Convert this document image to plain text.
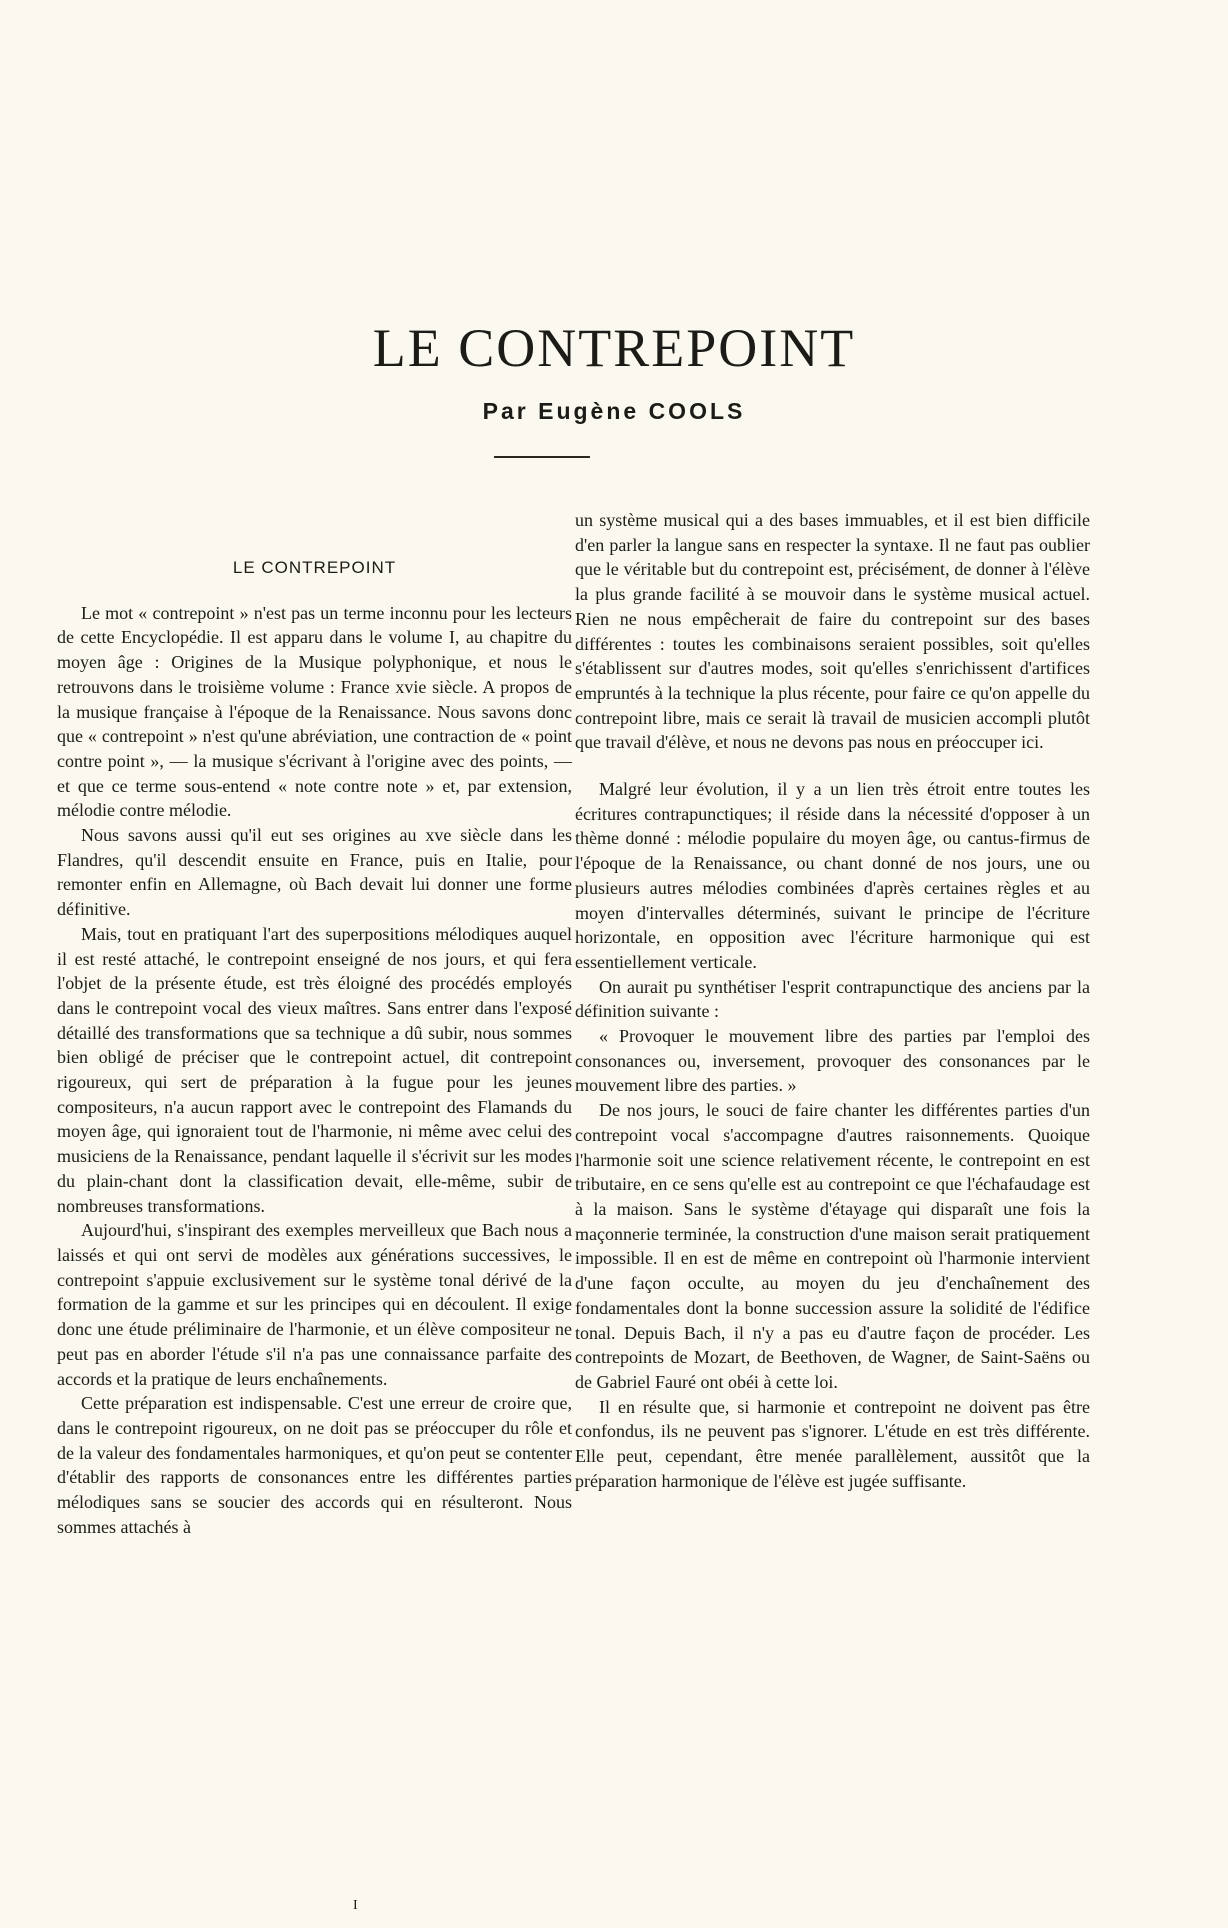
LE CONTREPOINT

Par Eugène COOLS

LE CONTREPOINT

Le mot « contrepoint » n'est pas un terme inconnu pour les lecteurs de cette Encyclopédie. Il est apparu dans le volume I, au chapitre du moyen âge : Origines de la Musique polyphonique, et nous le retrouvons dans le troisième volume : France xvie siècle. A propos de la musique française à l'époque de la Renaissance. Nous savons donc que « contrepoint » n'est qu'une abréviation, une contraction de « point contre point », — la musique s'écrivant à l'origine avec des points, — et que ce terme sous-entend « note contre note » et, par extension, mélodie contre mélodie.

Nous savons aussi qu'il eut ses origines au xve siècle dans les Flandres, qu'il descendit ensuite en France, puis en Italie, pour remonter enfin en Allemagne, où Bach devait lui donner une forme définitive.

Mais, tout en pratiquant l'art des superpositions mélodiques auquel il est resté attaché, le contrepoint enseigné de nos jours, et qui fera l'objet de la présente étude, est très éloigné des procédés employés dans le contrepoint vocal des vieux maîtres. Sans entrer dans l'exposé détaillé des transformations que sa technique a dû subir, nous sommes bien obligé de préciser que le contrepoint actuel, dit contrepoint rigoureux, qui sert de préparation à la fugue pour les jeunes compositeurs, n'a aucun rapport avec le contrepoint des Flamands du moyen âge, qui ignoraient tout de l'harmonie, ni même avec celui des musiciens de la Renaissance, pendant laquelle il s'écrivit sur les modes du plain-chant dont la classification devait, elle-même, subir de nombreuses transformations.

Aujourd'hui, s'inspirant des exemples merveilleux que Bach nous a laissés et qui ont servi de modèles aux générations successives, le contrepoint s'appuie exclusivement sur le système tonal dérivé de la formation de la gamme et sur les principes qui en découlent. Il exige donc une étude préliminaire de l'harmonie, et un élève compositeur ne peut pas en aborder l'étude s'il n'a pas une connaissance parfaite des accords et la pratique de leurs enchaînements.

Cette préparation est indispensable. C'est une erreur de croire que, dans le contrepoint rigoureux, on ne doit pas se préoccuper du rôle et de la valeur des fondamentales harmoniques, et qu'on peut se contenter d'établir des rapports de consonances entre les différentes parties mélodiques sans se soucier des accords qui en résulteront. Nous sommes attachés à

un système musical qui a des bases immuables, et il est bien difficile d'en parler la langue sans en respecter la syntaxe. Il ne faut pas oublier que le véritable but du contrepoint est, précisément, de donner à l'élève la plus grande facilité à se mouvoir dans le système musical actuel. Rien ne nous empêcherait de faire du contrepoint sur des bases différentes : toutes les combinaisons seraient possibles, soit qu'elles s'établissent sur d'autres modes, soit qu'elles s'enrichissent d'artifices empruntés à la technique la plus récente, pour faire ce qu'on appelle du contrepoint libre, mais ce serait là travail de musicien accompli plutôt que travail d'élève, et nous ne devons pas nous en préoccuper ici.

Malgré leur évolution, il y a un lien très étroit entre toutes les écritures contrapunctiques; il réside dans la nécessité d'opposer à un thème donné : mélodie populaire du moyen âge, ou cantus-firmus de l'époque de la Renaissance, ou chant donné de nos jours, une ou plusieurs autres mélodies combinées d'après certaines règles et au moyen d'intervalles déterminés, suivant le principe de l'écriture horizontale, en opposition avec l'écriture harmonique qui est essentiellement verticale.

On aurait pu synthétiser l'esprit contrapunctique des anciens par la définition suivante :

« Provoquer le mouvement libre des parties par l'emploi des consonances ou, inversement, provoquer des consonances par le mouvement libre des parties. »

De nos jours, le souci de faire chanter les différentes parties d'un contrepoint vocal s'accompagne d'autres raisonnements. Quoique l'harmonie soit une science relativement récente, le contrepoint en est tributaire, en ce sens qu'elle est au contrepoint ce que l'échafaudage est à la maison. Sans le système d'étayage qui disparaît une fois la maçonnerie terminée, la construction d'une maison serait pratiquement impossible. Il en est de même en contrepoint où l'harmonie intervient d'une façon occulte, au moyen du jeu d'enchaînement des fondamentales dont la bonne succession assure la solidité de l'édifice tonal. Depuis Bach, il n'y a pas eu d'autre façon de procéder. Les contrepoints de Mozart, de Beethoven, de Wagner, de Saint-Saëns ou de Gabriel Fauré ont obéi à cette loi.

Il en résulte que, si harmonie et contrepoint ne doivent pas être confondus, ils ne peuvent pas s'ignorer. L'étude en est très différente. Elle peut, cependant, être menée parallèlement, aussitôt que la préparation harmonique de l'élève est jugée suffisante.

I
